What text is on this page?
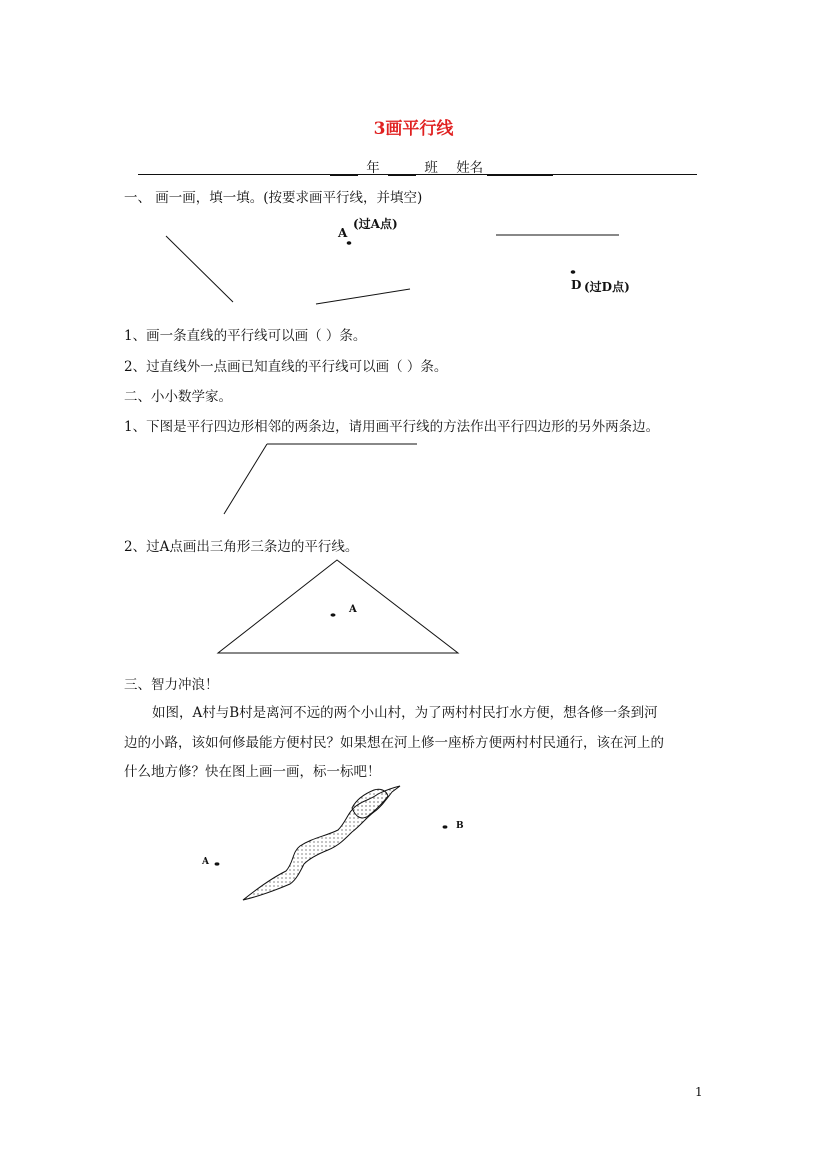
3画平行线
年	班 姓名
一、 画一画，填一填。(按要求画平行线，并填空)
A
(过A点)
D (过D点)
1、画一条直线的平行线可以画（ ）条。
2、过直线外一点画已知直线的平行线可以画（ ）条。
二、小小数学家。
1、下图是平行四边形相邻的两条边，请用画平行线的方法作出平行四边形的另外两条边。
2、过A点画出三角形三条边的平行线。
A
三、智力冲浪！
如图，A村与B村是离河不远的两个小山村，为了两村村民打水方便，想各修一条到河
边的小路，该如何修最能方便村民？如果想在河上修一座桥方便两村村民通行，该在河上的
什么地方修？快在图上画一画，标一标吧！
A
B
1
